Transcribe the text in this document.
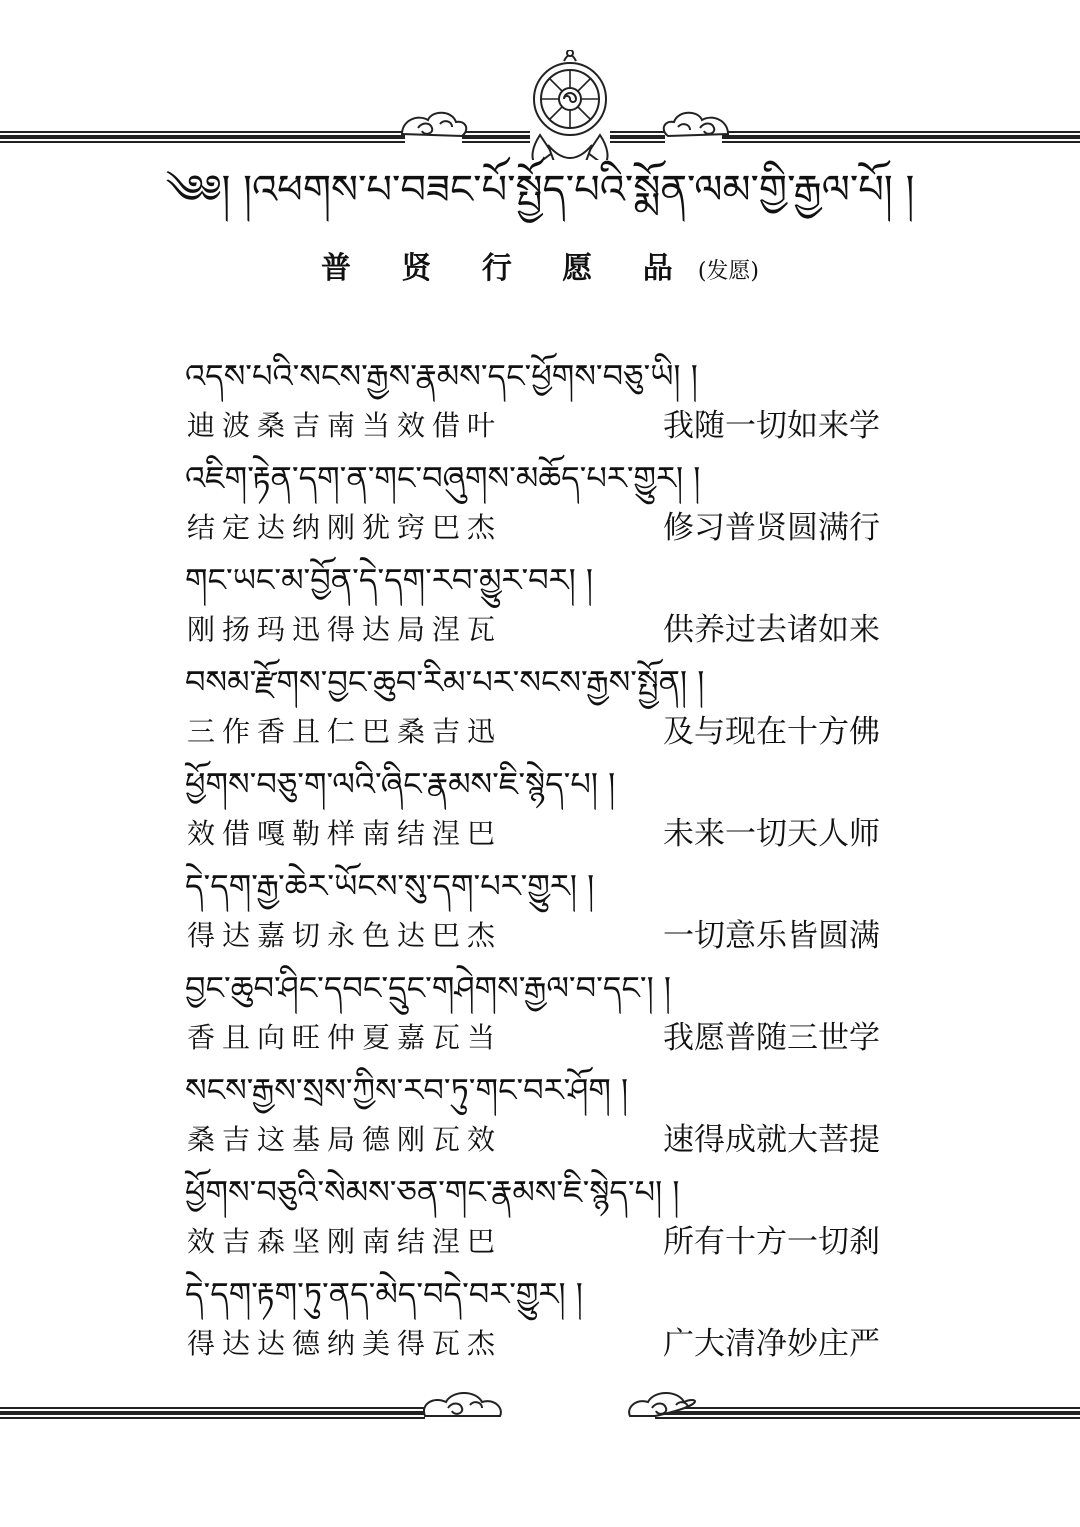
༄༅། །འཕགས་པ་བཟང་པོ་སྤྱོད་པའི་སྨོན་ལམ་གྱི་རྒྱལ་པོ། །
普 贤 行 愿 品 (发愿)
འདས་པའི་སངས་རྒྱས་རྣམས་དང་ཕྱོགས་བཅུ་ཡི། །
迪波桑吉南当效借叶	我随一切如来学
འཇིག་རྟེན་དག་ན་གང་བཞུགས་མཆོད་པར་གྱུར། །
结定达纳刚犹窍巴杰	修习普贤圆满行
གང་ཡང་མ་བྱོན་དེ་དག་རབ་མྱུར་བར། །
刚扬玛迅得达局涅瓦	供养过去诸如来
བསམ་རྫོགས་བྱང་ཆུབ་རིམ་པར་སངས་རྒྱས་སྤྱོན། །
三作香且仁巴桑吉迅	及与现在十方佛
ཕྱོགས་བཅུ་ག་ལའི་ཞིང་རྣམས་ཇི་སྙེད་པ། །
效借嘎勒样南结涅巴	未来一切天人师
དེ་དག་རྒྱ་ཆེར་ཡོངས་སུ་དག་པར་གྱུར། །
得达嘉切永色达巴杰	一切意乐皆圆满
བྱང་ཆུབ་ཤིང་དབང་དྲུང་གཤེགས་རྒྱལ་བ་དང་། །
香且向旺仲夏嘉瓦当	我愿普随三世学
སངས་རྒྱས་སྲས་ཀྱིས་རབ་ཏུ་གང་བར་ཤོག །
桑吉这基局德刚瓦效	速得成就大菩提
ཕྱོགས་བཅུའི་སེམས་ཅན་གང་རྣམས་ཇི་སྙེད་པ། །
效吉森坚刚南结涅巴	所有十方一切刹
དེ་དག་རྟག་ཏུ་ནད་མེད་བདེ་བར་གྱུར། །
得达达德纳美得瓦杰	广大清净妙庄严
